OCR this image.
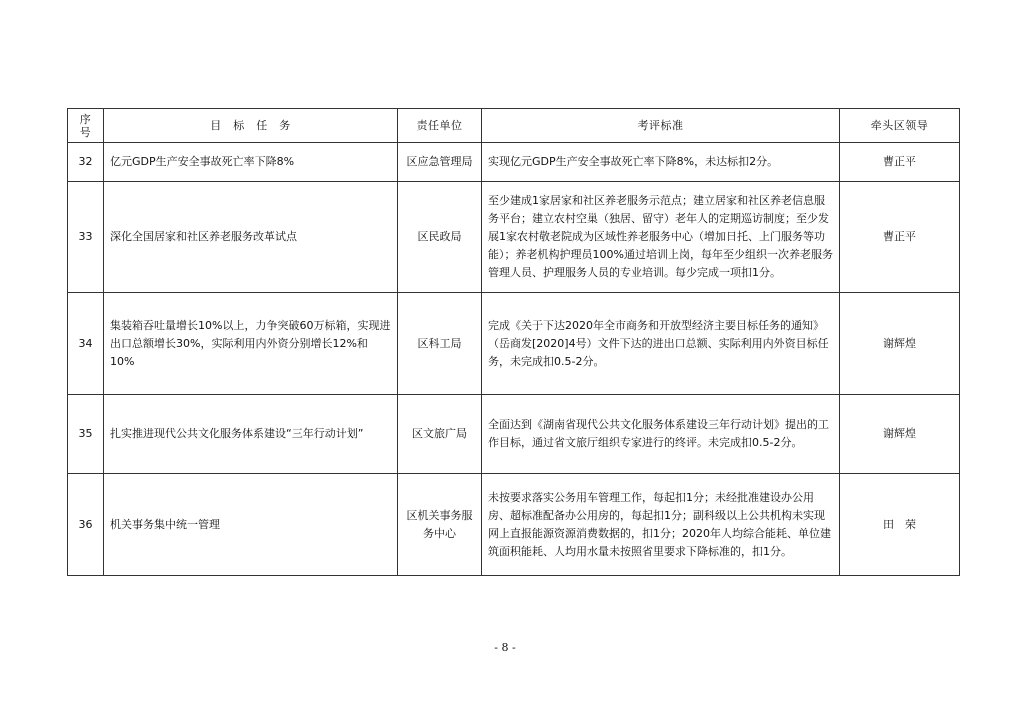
序
号	目　标　任　务	责任单位	考评标准	牵头区领导
32	亿元GDP生产安全事故死亡率下降8%	区应急管理局	实现亿元GDP生产安全事故死亡率下降8%，未达标扣2分。	曹正平
33	深化全国居家和社区养老服务改革试点	区民政局	至少建成1家居家和社区养老服务示范点；建立居家和社区养老信息服务平台；建立农村空巢（独居、留守）老年人的定期巡访制度；至少发展1家农村敬老院成为区域性养老服务中心（增加日托、上门服务等功能）；养老机构护理员100%通过培训上岗，每年至少组织一次养老服务管理人员、护理服务人员的专业培训。每少完成一项扣1分。	曹正平
34	集装箱吞吐量增长10%以上，力争突破60万标箱，实现进出口总额增长30%，实际利用内外资分别增长12%和10%	区科工局	完成《关于下达2020年全市商务和开放型经济主要目标任务的通知》（岳商发[2020]4号）文件下达的进出口总额、实际利用内外资目标任务，未完成扣0.5-2分。	谢辉煌
35	扎实推进现代公共文化服务体系建设“三年行动计划”	区文旅广局	全面达到《湖南省现代公共文化服务体系建设三年行动计划》提出的工作目标，通过省文旅厅组织专家进行的终评。未完成扣0.5-2分。	谢辉煌
36	机关事务集中统一管理	区机关事务服务中心	未按要求落实公务用车管理工作，每起扣1分；未经批准建设办公用房、超标准配备办公用房的，每起扣1分；副科级以上公共机构未实现网上直报能源资源消费数据的，扣1分；2020年人均综合能耗、单位建筑面积能耗、人均用水量未按照省里要求下降标准的，扣1分。	田　荣
- 8 -
